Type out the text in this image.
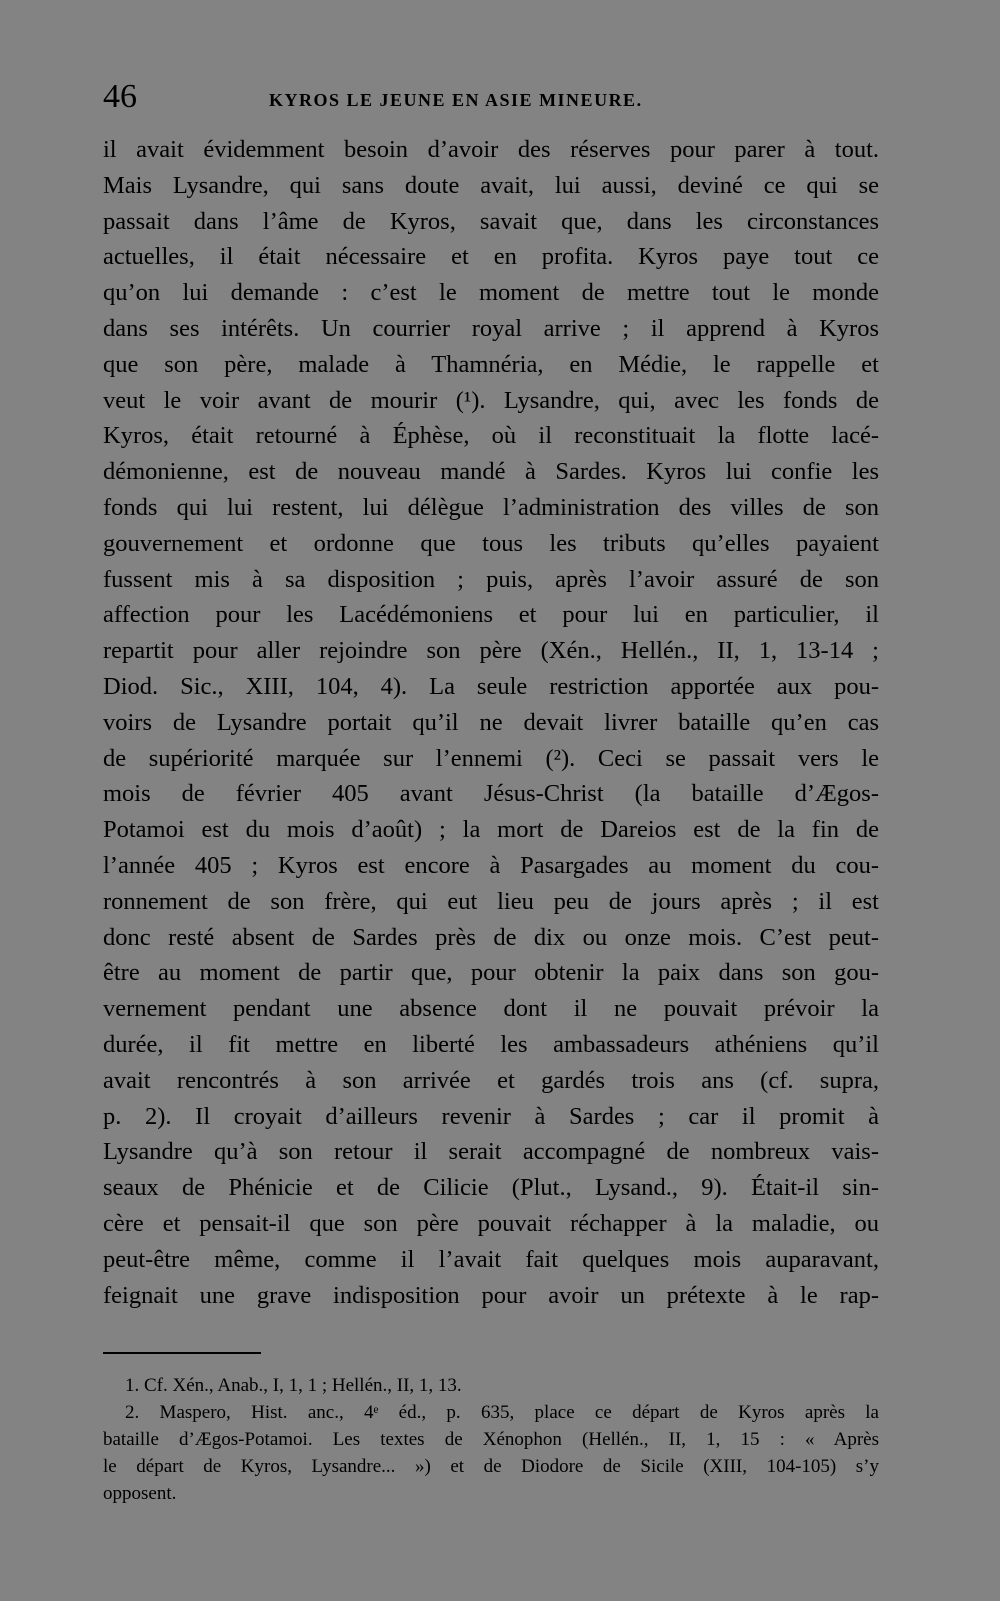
46	KYROS LE JEUNE EN ASIE MINEURE.
il avait évidemment besoin d’avoir des réserves pour parer à tout.
Mais Lysandre, qui sans doute avait, lui aussi, deviné ce qui se
passait dans l’âme de Kyros, savait que, dans les circonstances
actuelles, il était nécessaire et en profita. Kyros paye tout ce
qu’on lui demande : c’est le moment de mettre tout le monde
dans ses intérêts. Un courrier royal arrive ; il apprend à Kyros
que son père, malade à Thamnéria, en Médie, le rappelle et
veut le voir avant de mourir (¹). Lysandre, qui, avec les fonds de
Kyros, était retourné à Éphèse, où il reconstituait la flotte lacé-
démonienne, est de nouveau mandé à Sardes. Kyros lui confie les
fonds qui lui restent, lui délègue l’administration des villes de son
gouvernement et ordonne que tous les tributs qu’elles payaient
fussent mis à sa disposition ; puis, après l’avoir assuré de son
affection pour les Lacédémoniens et pour lui en particulier, il
repartit pour aller rejoindre son père (Xén., Hellén., II, 1, 13-14 ;
Diod. Sic., XIII, 104, 4). La seule restriction apportée aux pou-
voirs de Lysandre portait qu’il ne devait livrer bataille qu’en cas
de supériorité marquée sur l’ennemi (²). Ceci se passait vers le
mois de février 405 avant Jésus-Christ (la bataille d’Ægos-
Potamoi est du mois d’août) ; la mort de Dareios est de la fin de
l’année 405 ; Kyros est encore à Pasargades au moment du cou-
ronnement de son frère, qui eut lieu peu de jours après ; il est
donc resté absent de Sardes près de dix ou onze mois. C’est peut-
être au moment de partir que, pour obtenir la paix dans son gou-
vernement pendant une absence dont il ne pouvait prévoir la
durée, il fit mettre en liberté les ambassadeurs athéniens qu’il
avait rencontrés à son arrivée et gardés trois ans (cf. supra,
p. 2). Il croyait d’ailleurs revenir à Sardes ; car il promit à
Lysandre qu’à son retour il serait accompagné de nombreux vais-
seaux de Phénicie et de Cilicie (Plut., Lysand., 9). Était-il sin-
cère et pensait-il que son père pouvait réchapper à la maladie, ou
peut-être même, comme il l’avait fait quelques mois auparavant,
feignait une grave indisposition pour avoir un prétexte à le rap-
1. Cf. Xén., Anab., I, 1, 1 ; Hellén., II, 1, 13.
2. Maspero, Hist. anc., 4ᵉ éd., p. 635, place ce départ de Kyros après la
bataille d’Ægos-Potamoi. Les textes de Xénophon (Hellén., II, 1, 15 : « Après
le départ de Kyros, Lysandre... ») et de Diodore de Sicile (XIII, 104-105) s’y
opposent.
